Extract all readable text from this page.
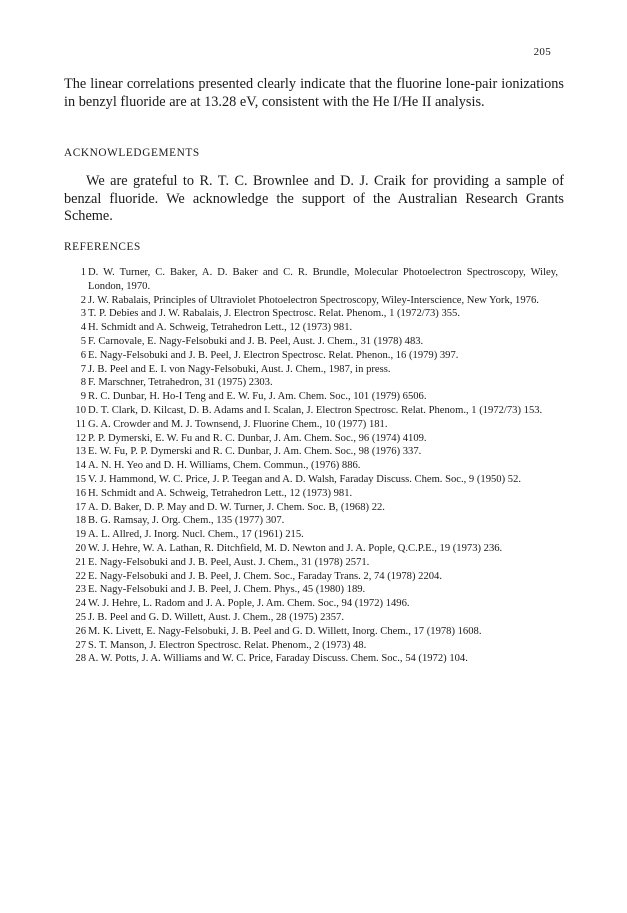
205

The linear correlations presented clearly indicate that the fluorine lone-pair ionizations in benzyl fluoride are at 13.28 eV, consistent with the He I/He II analysis.

ACKNOWLEDGEMENTS

We are grateful to R. T. C. Brownlee and D. J. Craik for providing a sample of benzal fluoride. We acknowledge the support of the Australian Research Grants Scheme.

REFERENCES
1 D. W. Turner, C. Baker, A. D. Baker and C. R. Brundle, Molecular Photoelectron Spectroscopy, Wiley, London, 1970.
2 J. W. Rabalais, Principles of Ultraviolet Photoelectron Spectroscopy, Wiley-Interscience, New York, 1976.
3 T. P. Debies and J. W. Rabalais, J. Electron Spectrosc. Relat. Phenom., 1 (1972/73) 355.
4 H. Schmidt and A. Schweig, Tetrahedron Lett., 12 (1973) 981.
5 F. Carnovale, E. Nagy-Felsobuki and J. B. Peel, Aust. J. Chem., 31 (1978) 483.
6 E. Nagy-Felsobuki and J. B. Peel, J. Electron Spectrosc. Relat. Phenon., 16 (1979) 397.
7 J. B. Peel and E. I. von Nagy-Felsobuki, Aust. J. Chem., 1987, in press.
8 F. Marschner, Tetrahedron, 31 (1975) 2303.
9 R. C. Dunbar, H. Ho-I Teng and E. W. Fu, J. Am. Chem. Soc., 101 (1979) 6506.
10 D. T. Clark, D. Kilcast, D. B. Adams and I. Scalan, J. Electron Spectrosc. Relat. Phenom., 1 (1972/73) 153.
11 G. A. Crowder and M. J. Townsend, J. Fluorine Chem., 10 (1977) 181.
12 P. P. Dymerski, E. W. Fu and R. C. Dunbar, J. Am. Chem. Soc., 96 (1974) 4109.
13 E. W. Fu, P. P. Dymerski and R. C. Dunbar, J. Am. Chem. Soc., 98 (1976) 337.
14 A. N. H. Yeo and D. H. Williams, Chem. Commun., (1976) 886.
15 V. J. Hammond, W. C. Price, J. P. Teegan and A. D. Walsh, Faraday Discuss. Chem. Soc., 9 (1950) 52.
16 H. Schmidt and A. Schweig, Tetrahedron Lett., 12 (1973) 981.
17 A. D. Baker, D. P. May and D. W. Turner, J. Chem. Soc. B, (1968) 22.
18 B. G. Ramsay, J. Org. Chem., 135 (1977) 307.
19 A. L. Allred, J. Inorg. Nucl. Chem., 17 (1961) 215.
20 W. J. Hehre, W. A. Lathan, R. Ditchfield, M. D. Newton and J. A. Pople, Q.C.P.E., 19 (1973) 236.
21 E. Nagy-Felsobuki and J. B. Peel, Aust. J. Chem., 31 (1978) 2571.
22 E. Nagy-Felsobuki and J. B. Peel, J. Chem. Soc., Faraday Trans. 2, 74 (1978) 2204.
23 E. Nagy-Felsobuki and J. B. Peel, J. Chem. Phys., 45 (1980) 189.
24 W. J. Hehre, L. Radom and J. A. Pople, J. Am. Chem. Soc., 94 (1972) 1496.
25 J. B. Peel and G. D. Willett, Aust. J. Chem., 28 (1975) 2357.
26 M. K. Livett, E. Nagy-Felsobuki, J. B. Peel and G. D. Willett, Inorg. Chem., 17 (1978) 1608.
27 S. T. Manson, J. Electron Spectrosc. Relat. Phenom., 2 (1973) 48.
28 A. W. Potts, J. A. Williams and W. C. Price, Faraday Discuss. Chem. Soc., 54 (1972) 104.
